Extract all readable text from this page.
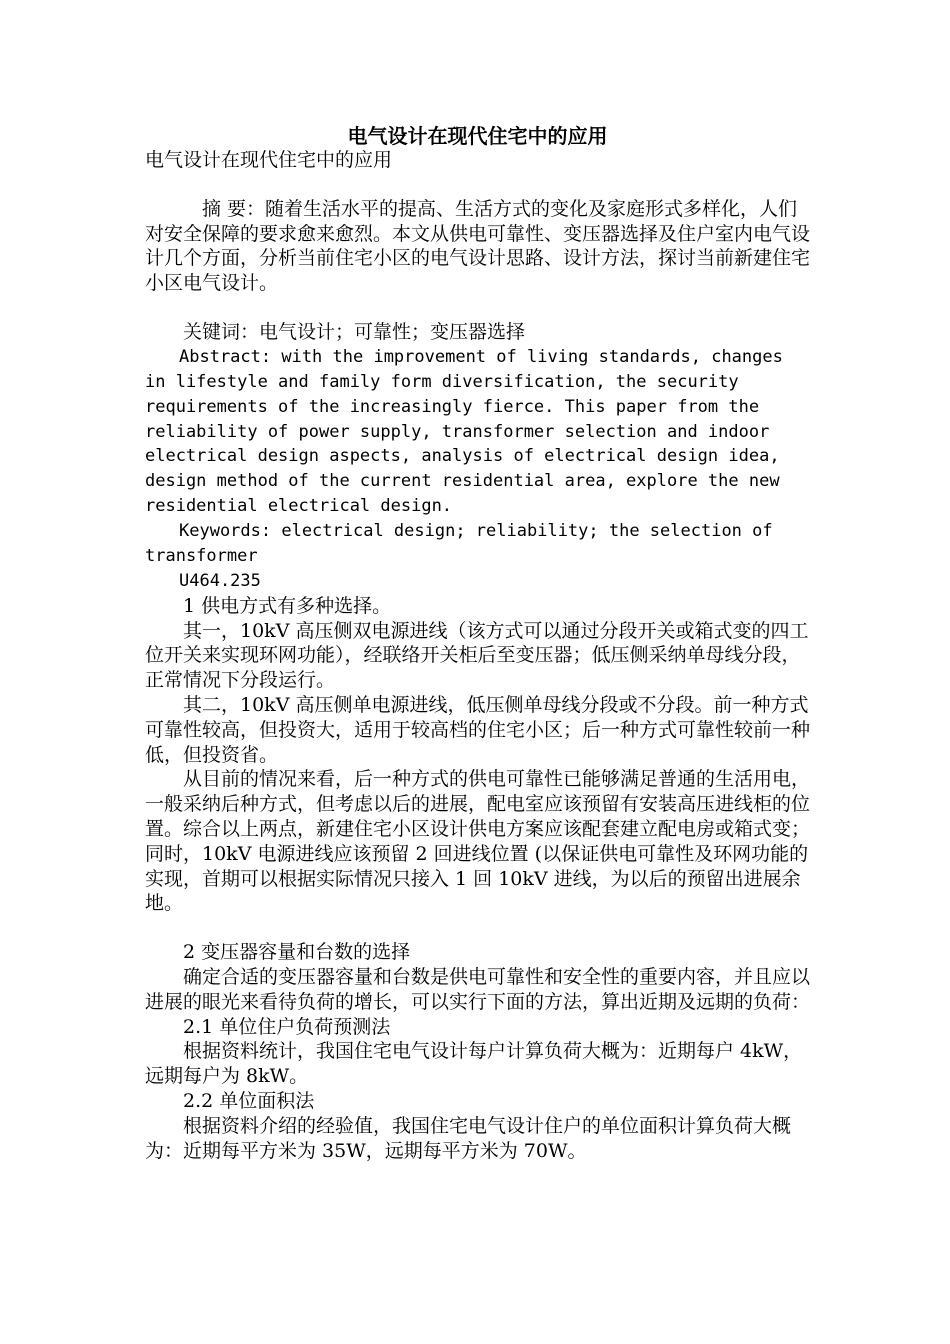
电气设计在现代住宅中的应用

电气设计在现代住宅中的应用

摘 要：随着生活水平的提高、生活方式的变化及家庭形式多样化，人们对安全保障的要求愈来愈烈。本文从供电可靠性、变压器选择及住户室内电气设计几个方面，分析当前住宅小区的电气设计思路、设计方法，探讨当前新建住宅小区电气设计。

关键词：电气设计；可靠性；变压器选择

Abstract: with the improvement of living standards, changes in lifestyle and family form diversification, the security requirements of the increasingly fierce. This paper from the reliability of power supply, transformer selection and indoor electrical design aspects, analysis of electrical design idea, design method of the current residential area, explore the new residential electrical design.

Keywords: electrical design; reliability; the selection of transformer

U464.235

1 供电方式有多种选择。

其一，10kV 高压侧双电源进线（该方式可以通过分段开关或箱式变的四工位开关来实现环网功能），经联络开关柜后至变压器；低压侧采纳单母线分段，正常情况下分段运行。

其二，10kV 高压侧单电源进线，低压侧单母线分段或不分段。前一种方式可靠性较高，但投资大，适用于较高档的住宅小区；后一种方式可靠性较前一种低，但投资省。

从目前的情况来看，后一种方式的供电可靠性已能够满足普通的生活用电，一般采纳后种方式，但考虑以后的进展，配电室应该预留有安装高压进线柜的位置。综合以上两点，新建住宅小区设计供电方案应该配套建立配电房或箱式变；同时，10kV 电源进线应该预留 2 回进线位置 (以保证供电可靠性及环网功能的实现，首期可以根据实际情况只接入 1 回 10kV 进线，为以后的预留出进展余地。

2 变压器容量和台数的选择

确定合适的变压器容量和台数是供电可靠性和安全性的重要内容，并且应以进展的眼光来看待负荷的增长，可以实行下面的方法，算出近期及远期的负荷：

2.1 单位住户负荷预测法

根据资料统计，我国住宅电气设计每户计算负荷大概为：近期每户 4kW，远期每户为 8kW。

2.2 单位面积法

根据资料介绍的经验值，我国住宅电气设计住户的单位面积计算负荷大概为：近期每平方米为 35W，远期每平方米为 70W。
